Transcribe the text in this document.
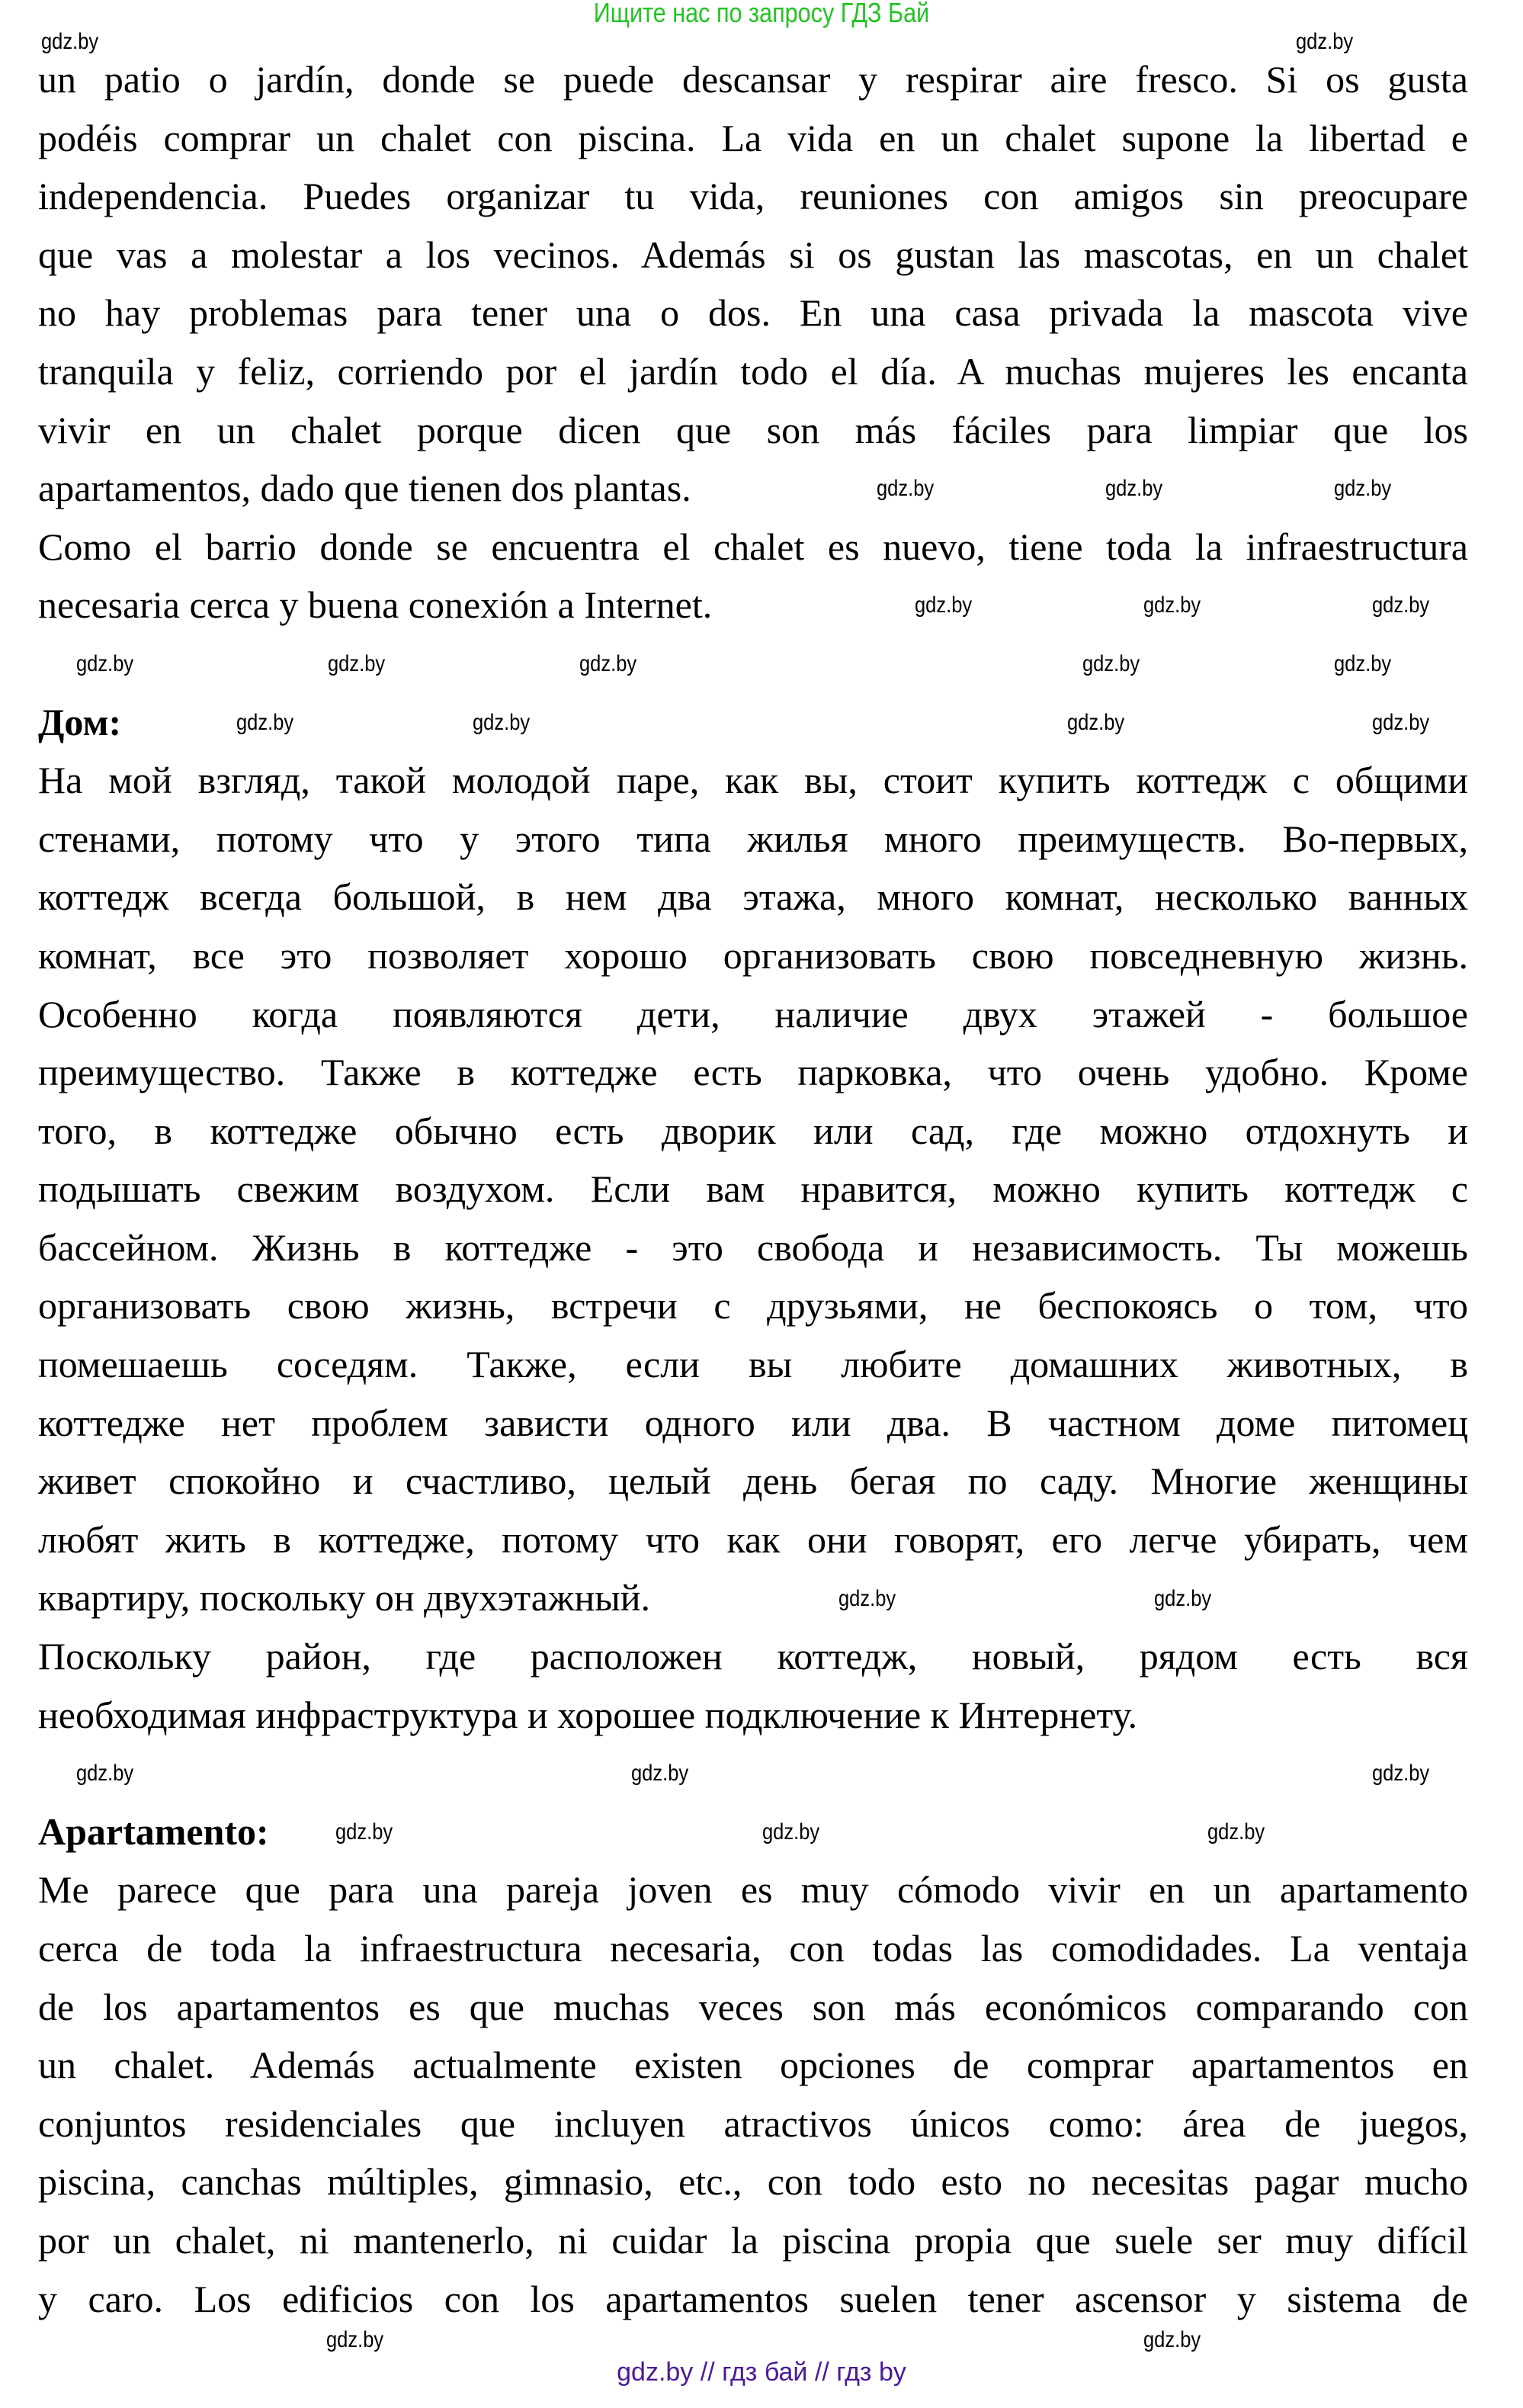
Ищите нас по запросу ГДЗ Бай
un patio o jardín, donde se puede descansar y respirar aire fresco. Si os gusta
podéis comprar un chalet con piscina. La vida en un chalet supone la libertad e
independencia. Puedes organizar tu vida, reuniones con amigos sin preocupare
que vas a molestar a los vecinos. Además si os gustan las mascotas, en un chalet
no hay problemas para tener una o dos. En una casa privada la mascota vive
tranquila y feliz, corriendo por el jardín todo el día. A muchas mujeres les encanta
vivir en un chalet porque dicen que son más fáciles para limpiar que los
apartamentos, dado que tienen dos plantas.
Como el barrio donde se encuentra el chalet es nuevo, tiene toda la infraestructura
necesaria cerca y buena conexión a Internet.
Дом:
На мой взгляд, такой молодой паре, как вы, стоит купить коттедж с общими
стенами, потому что у этого типа жилья много преимуществ. Во-первых,
коттедж всегда большой, в нем два этажа, много комнат, несколько ванных
комнат, все это позволяет хорошо организовать свою повседневную жизнь.
Особенно когда появляются дети, наличие двух этажей - большое
преимущество. Также в коттедже есть парковка, что очень удобно. Кроме
того, в коттедже обычно есть дворик или сад, где можно отдохнуть и
подышать свежим воздухом. Если вам нравится, можно купить коттедж с
бассейном. Жизнь в коттедже - это свобода и независимость. Ты можешь
организовать свою жизнь, встречи с друзьями, не беспокоясь о том, что
помешаешь соседям. Также, если вы любите домашних животных, в
коттедже нет проблем зависти одного или два. В частном доме питомец
живет спокойно и счастливо, целый день бегая по саду. Многие женщины
любят жить в коттедже, потому что как они говорят, его легче убирать, чем
квартиру, поскольку он двухэтажный.
Поскольку район, где расположен коттедж, новый, рядом есть вся
необходимая инфраструктура и хорошее подключение к Интернету.
Apartamento:
Me parece que para una pareja joven es muy cómodo vivir en un apartamento
cerca de toda la infraestructura necesaria, con todas las comodidades. La ventaja
de los apartamentos es que muchas veces son más económicos comparando con
un chalet. Además actualmente existen opciones de comprar apartamentos en
conjuntos residenciales que incluyen atractivos únicos como: área de juegos,
piscina, canchas múltiples, gimnasio, etc., con todo esto no necesitas pagar mucho
por un chalet, ni mantenerlo, ni cuidar la piscina propia que suele ser muy difícil
y caro. Los edificios con los apartamentos suelen tener ascensor y sistema de
gdz.by	gdz.by
gdz.by	gdz.by	gdz.by
gdz.by	gdz.by	gdz.by
gdz.by	gdz.by	gdz.by	gdz.by	gdz.by
gdz.by	gdz.by	gdz.by	gdz.by
gdz.by	gdz.by
gdz.by	gdz.by	gdz.by
gdz.by	gdz.by	gdz.by
gdz.by	gdz.by
gdz.by // гдз бай // гдз by
